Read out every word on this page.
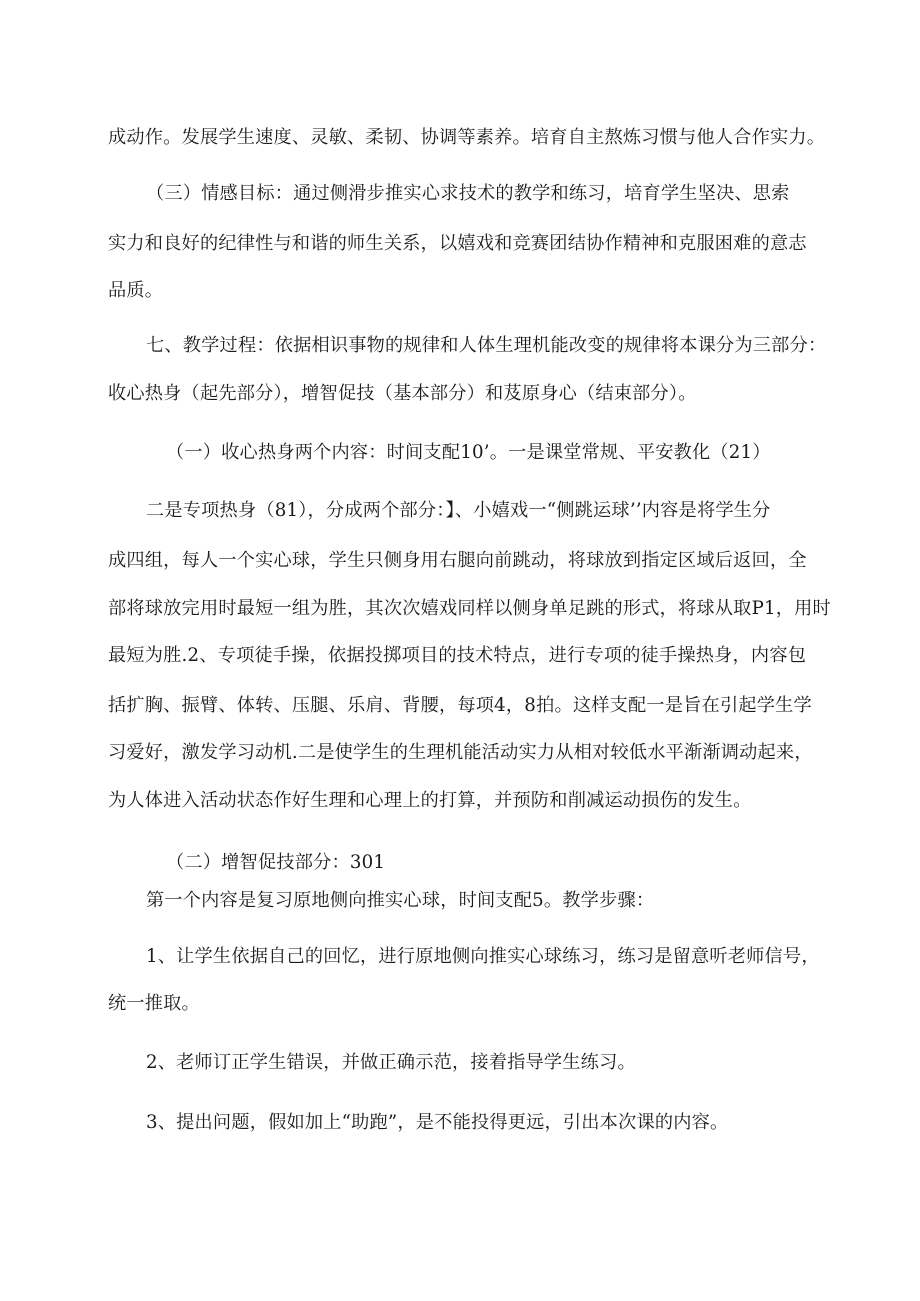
成动作。发展学生速度、灵敏、柔韧、协调等素养。培育自主熬炼习惯与他人合作实力。
（三）情感目标：通过侧滑步推实心求技术的教学和练习，培育学生坚决、思索
实力和良好的纪律性与和谐的师生关系，以嬉戏和竞赛团结协作精神和克服困难的意志
品质。
七、教学过程：依据相识事物的规律和人体生理机能改变的规律将本课分为三部分：
收心热身（起先部分），增智促技（基本部分）和芨原身心（结束部分）。
（一）收心热身两个内容：时间支配10’。一是课堂常规、平安教化（21）
二是专项热身（81），分成两个部分：】、小嬉戏一“侧跳运球’’内容是将学生分
成四组，每人一个实心球，学生只侧身用右腿向前跳动，将球放到指定区域后返回，全
部将球放完用时最短一组为胜，其次次嬉戏同样以侧身单足跳的形式，将球从取P1，用时
最短为胜.2、专项徒手操，依据投掷项目的技术特点，进行专项的徒手操热身，内容包
括扩胸、振臂、体转、压腿、乐肩、背腰，每项4，8拍。这样支配一是旨在引起学生学
习爱好，激发学习动机.二是使学生的生理机能活动实力从相对较低水平渐渐调动起来，
为人体进入活动状态作好生理和心理上的打算，并预防和削减运动损伤的发生。
（二）增智促技部分：301
第一个内容是复习原地侧向推实心球，时间支配5。教学步骤：
1、让学生依据自己的回忆，进行原地侧向推实心球练习，练习是留意听老师信号，
统一推取。
2、老师订正学生错误，并做正确示范，接着指导学生练习。
3、提出问题，假如加上“助跑”，是不能投得更远，引出本次课的内容。
